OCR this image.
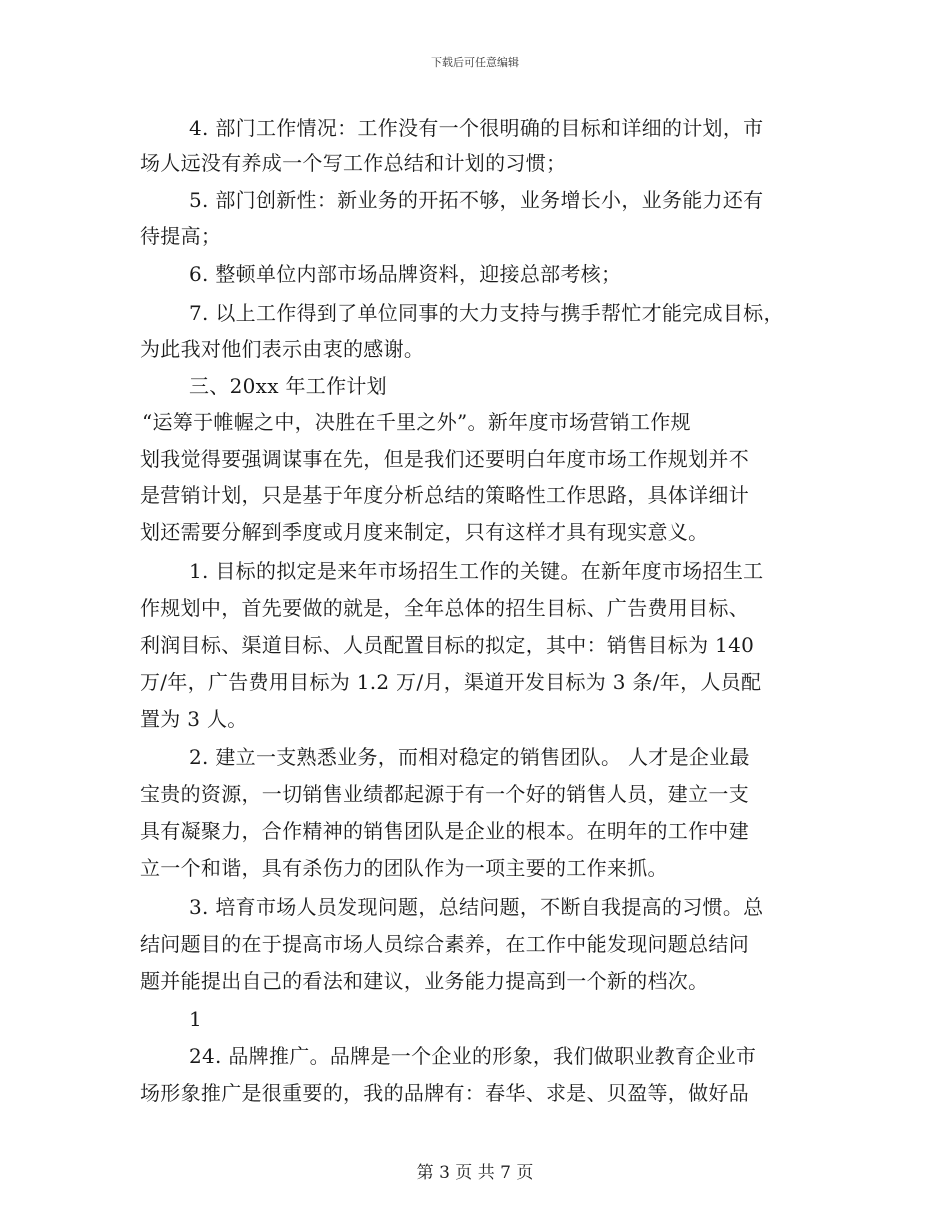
下载后可任意编辑
4. 部门工作情况：工作没有一个很明确的目标和详细的计划，市
场人远没有养成一个写工作总结和计划的习惯；
5. 部门创新性：新业务的开拓不够，业务增长小，业务能力还有
待提高；
6. 整顿单位内部市场品牌资料，迎接总部考核；
7. 以上工作得到了单位同事的大力支持与携手帮忙才能完成目标，
为此我对他们表示由衷的感谢。
三、20xx 年工作计划
“运筹于帷幄之中，决胜在千里之外”。新年度市场营销工作规
划我觉得要强调谋事在先，但是我们还要明白年度市场工作规划并不
是营销计划，只是基于年度分析总结的策略性工作思路，具体详细计
划还需要分解到季度或月度来制定，只有这样才具有现实意义。
1. 目标的拟定是来年市场招生工作的关键。在新年度市场招生工
作规划中，首先要做的就是，全年总体的招生目标、广告费用目标、
利润目标、渠道目标、人员配置目标的拟定，其中：销售目标为 140
万/年，广告费用目标为 1.2 万/月，渠道开发目标为 3 条/年，人员配
置为 3 人。
2. 建立一支熟悉业务，而相对稳定的销售团队。 人才是企业最
宝贵的资源，一切销售业绩都起源于有一个好的销售人员，建立一支
具有凝聚力，合作精神的销售团队是企业的根本。在明年的工作中建
立一个和谐，具有杀伤力的团队作为一项主要的工作来抓。
3. 培育市场人员发现问题，总结问题，不断自我提高的习惯。总
结问题目的在于提高市场人员综合素养，在工作中能发现问题总结问
题并能提出自己的看法和建议，业务能力提高到一个新的档次。
1
24. 品牌推广。品牌是一个企业的形象，我们做职业教育企业市
场形象推广是很重要的，我的品牌有：春华、求是、贝盈等，做好品
第 3 页 共 7 页
